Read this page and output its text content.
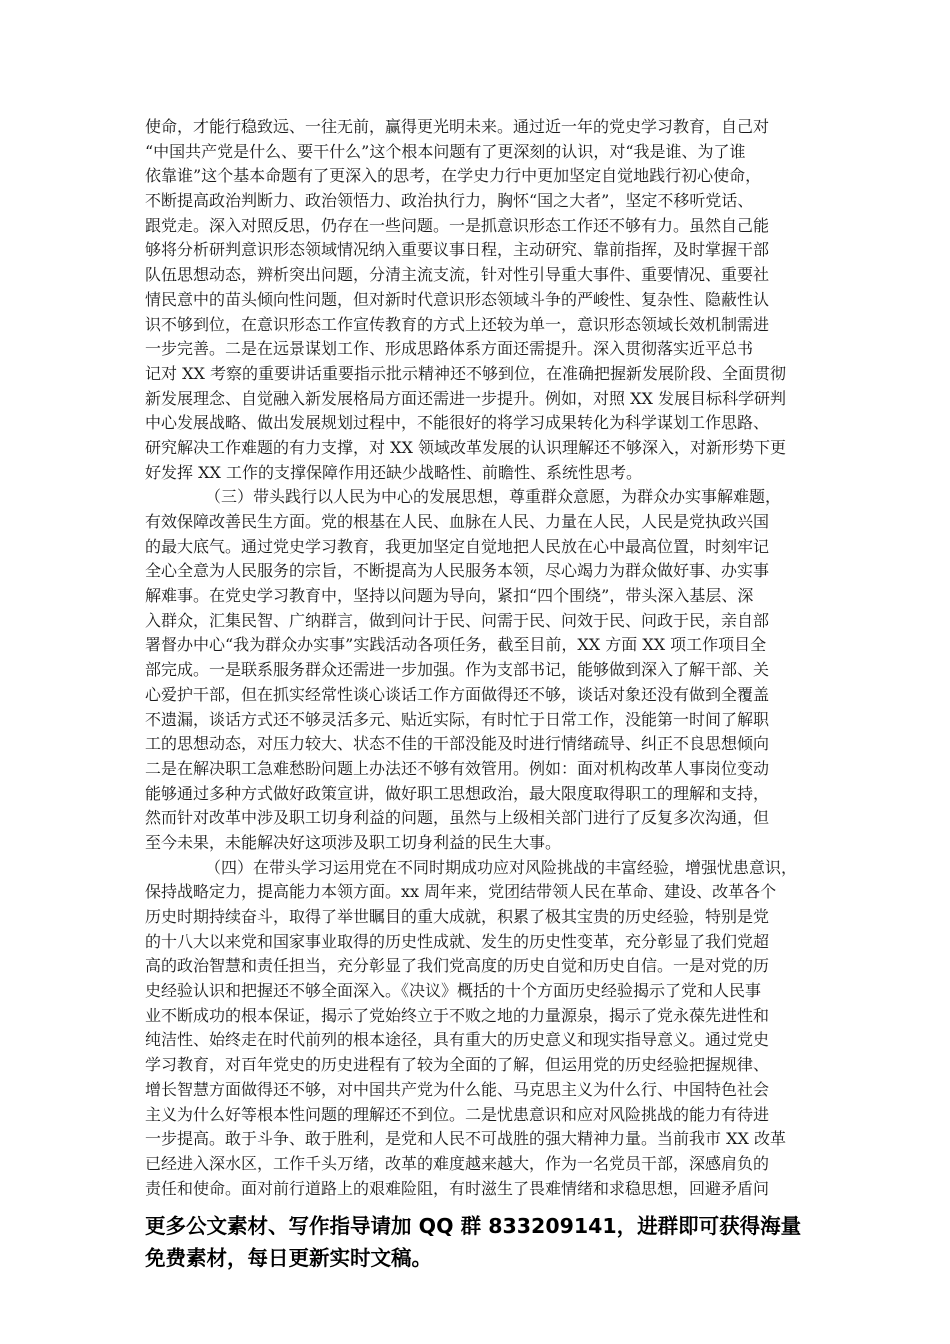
使命，才能行稳致远、一往无前，赢得更光明未来。通过近一年的党史学习教育，自己对
“中国共产党是什么、要干什么”这个根本问题有了更深刻的认识，对“我是谁、为了谁
依靠谁”这个基本命题有了更深入的思考，在学史力行中更加坚定自觉地践行初心使命，
不断提高政治判断力、政治领悟力、政治执行力，胸怀“国之大者”，坚定不移听党话、
跟党走。深入对照反思，仍存在一些问题。一是抓意识形态工作还不够有力。虽然自己能
够将分析研判意识形态领域情况纳入重要议事日程，主动研究、靠前指挥，及时掌握干部
队伍思想动态，辨析突出问题，分清主流支流，针对性引导重大事件、重要情况、重要社
情民意中的苗头倾向性问题，但对新时代意识形态领域斗争的严峻性、复杂性、隐蔽性认
识不够到位，在意识形态工作宣传教育的方式上还较为单一，意识形态领域长效机制需进
一步完善。二是在远景谋划工作、形成思路体系方面还需提升。深入贯彻落实近平总书
记对 XX 考察的重要讲话重要指示批示精神还不够到位，在准确把握新发展阶段、全面贯彻
新发展理念、自觉融入新发展格局方面还需进一步提升。例如，对照 XX 发展目标科学研判
中心发展战略、做出发展规划过程中，不能很好的将学习成果转化为科学谋划工作思路、
研究解决工作难题的有力支撑，对 XX 领域改革发展的认识理解还不够深入，对新形势下更
好发挥 XX 工作的支撑保障作用还缺少战略性、前瞻性、系统性思考。
（三）带头践行以人民为中心的发展思想，尊重群众意愿，为群众办实事解难题，
有效保障改善民生方面。党的根基在人民、血脉在人民、力量在人民，人民是党执政兴国
的最大底气。通过党史学习教育，我更加坚定自觉地把人民放在心中最高位置，时刻牢记
全心全意为人民服务的宗旨，不断提高为人民服务本领，尽心竭力为群众做好事、办实事
解难事。在党史学习教育中，坚持以问题为导向，紧扣“四个围绕”，带头深入基层、深
入群众，汇集民智、广纳群言，做到问计于民、问需于民、问效于民、问政于民，亲自部
署督办中心“我为群众办实事”实践活动各项任务，截至目前，XX 方面 XX 项工作项目全
部完成。一是联系服务群众还需进一步加强。作为支部书记，能够做到深入了解干部、关
心爱护干部，但在抓实经常性谈心谈话工作方面做得还不够，谈话对象还没有做到全覆盖
不遗漏，谈话方式还不够灵活多元、贴近实际，有时忙于日常工作，没能第一时间了解职
工的思想动态，对压力较大、状态不佳的干部没能及时进行情绪疏导、纠正不良思想倾向
二是在解决职工急难愁盼问题上办法还不够有效管用。例如：面对机构改革人事岗位变动
能够通过多种方式做好政策宣讲，做好职工思想政治，最大限度取得职工的理解和支持，
然而针对改革中涉及职工切身利益的问题，虽然与上级相关部门进行了反复多次沟通，但
至今未果，未能解决好这项涉及职工切身利益的民生大事。
（四）在带头学习运用党在不同时期成功应对风险挑战的丰富经验，增强忧患意识，
保持战略定力，提高能力本领方面。xx 周年来，党团结带领人民在革命、建设、改革各个
历史时期持续奋斗，取得了举世瞩目的重大成就，积累了极其宝贵的历史经验，特别是党
的十八大以来党和国家事业取得的历史性成就、发生的历史性变革，充分彰显了我们党超
高的政治智慧和责任担当，充分彰显了我们党高度的历史自觉和历史自信。一是对党的历
史经验认识和把握还不够全面深入。《决议》概括的十个方面历史经验揭示了党和人民事
业不断成功的根本保证，揭示了党始终立于不败之地的力量源泉，揭示了党永葆先进性和
纯洁性、始终走在时代前列的根本途径，具有重大的历史意义和现实指导意义。通过党史
学习教育，对百年党史的历史进程有了较为全面的了解，但运用党的历史经验把握规律、
增长智慧方面做得还不够，对中国共产党为什么能、马克思主义为什么行、中国特色社会
主义为什么好等根本性问题的理解还不到位。二是忧患意识和应对风险挑战的能力有待进
一步提高。敢于斗争、敢于胜利，是党和人民不可战胜的强大精神力量。当前我市 XX 改革
已经进入深水区，工作千头万绪，改革的难度越来越大，作为一名党员干部，深感肩负的
责任和使命。面对前行道路上的艰难险阻，有时滋生了畏难情绪和求稳思想，回避矛盾问
更多公文素材、写作指导请加 QQ 群 833209141，进群即可获得海量
免费素材，每日更新实时文稿。
